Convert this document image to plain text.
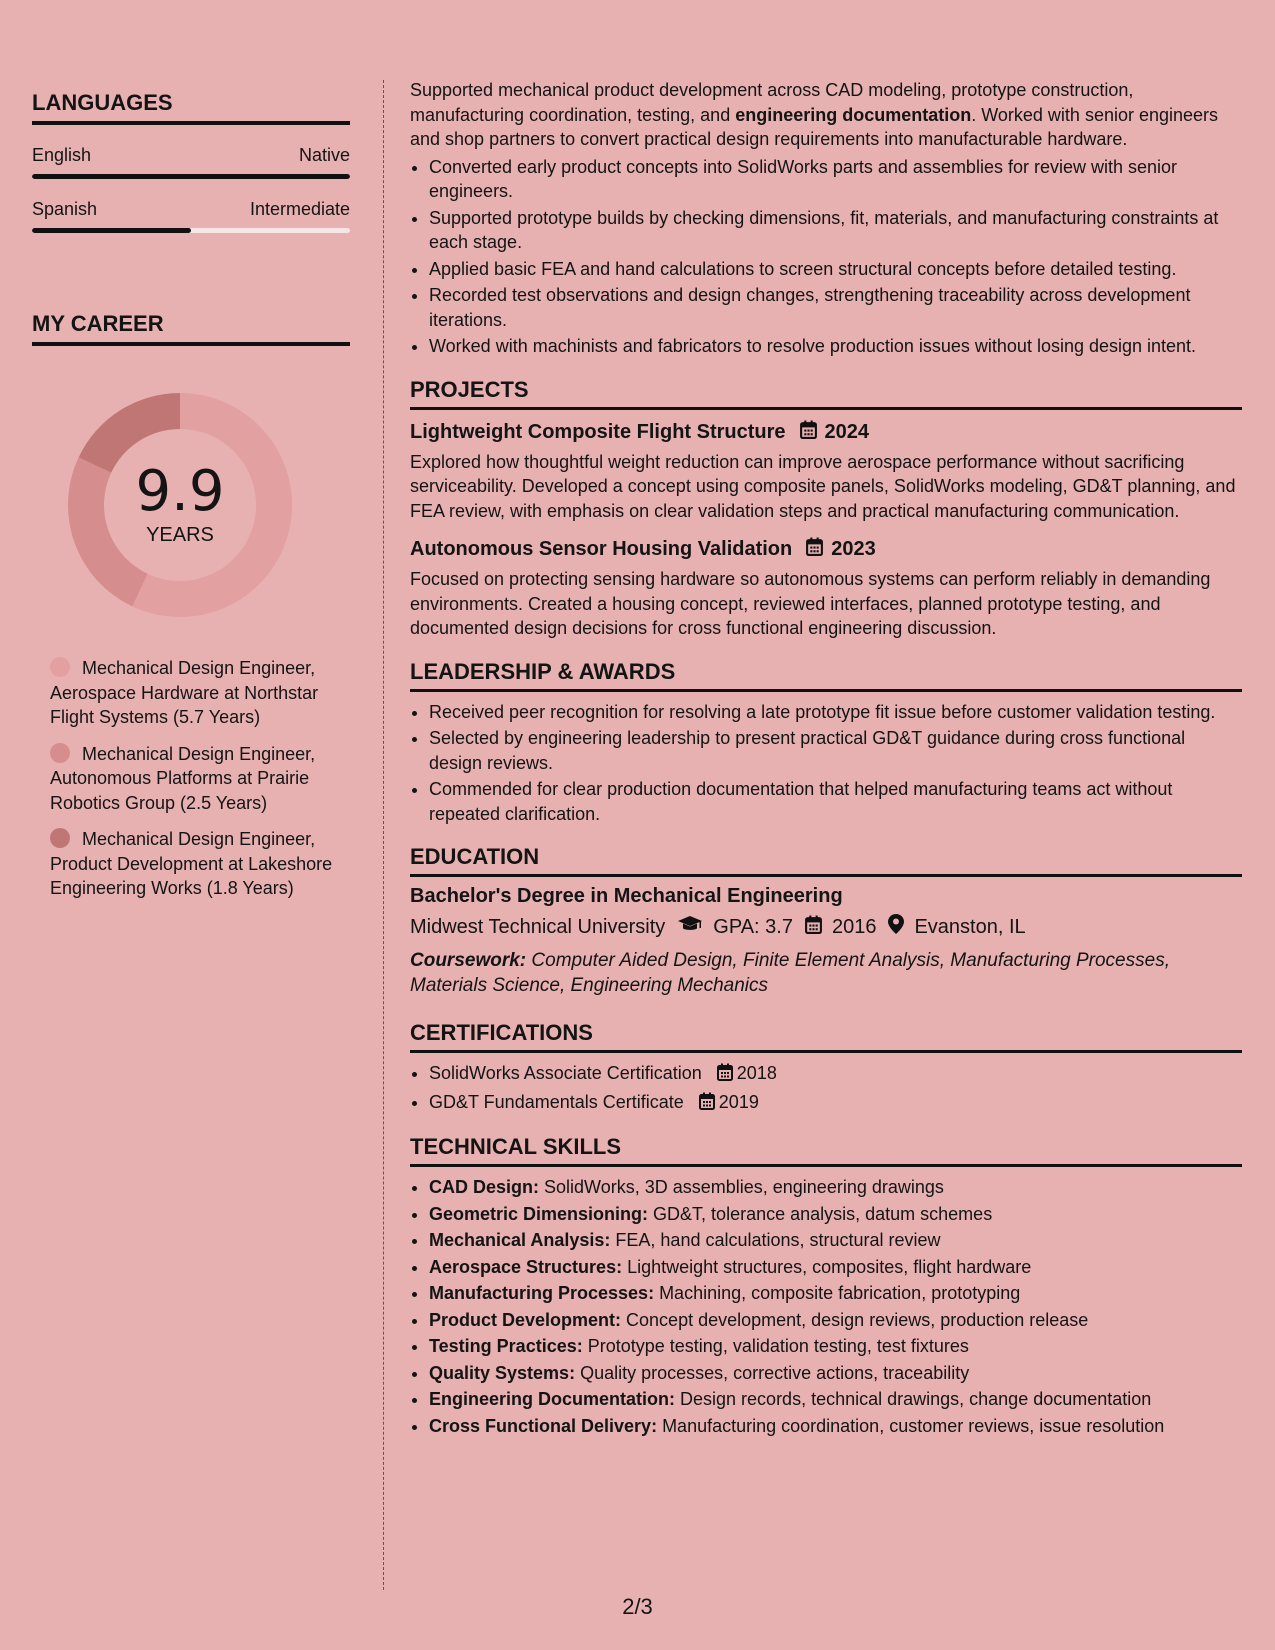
LANGUAGES
English	Native
Spanish	Intermediate
MY CAREER
9.9
YEARS
Mechanical Design Engineer, Aerospace Hardware at Northstar Flight Systems (5.7 Years)
Mechanical Design Engineer, Autonomous Platforms at Prairie Robotics Group (2.5 Years)
Mechanical Design Engineer, Product Development at Lakeshore Engineering Works (1.8 Years)

Supported mechanical product development across CAD modeling, prototype construction, manufacturing coordination, testing, and engineering documentation. Worked with senior engineers and shop partners to convert practical design requirements into manufacturable hardware.

• Converted early product concepts into SolidWorks parts and assemblies for review with senior engineers.
• Supported prototype builds by checking dimensions, fit, materials, and manufacturing constraints at each stage.
• Applied basic FEA and hand calculations to screen structural concepts before detailed testing.
• Recorded test observations and design changes, strengthening traceability across development iterations.
• Worked with machinists and fabricators to resolve production issues without losing design intent.
PROJECTS
Lightweight Composite Flight Structure 2024

Explored how thoughtful weight reduction can improve aerospace performance without sacrificing serviceability. Developed a concept using composite panels, SolidWorks modeling, GD&T planning, and FEA review, with emphasis on clear validation steps and practical manufacturing communication.

Autonomous Sensor Housing Validation 2023

Focused on protecting sensing hardware so autonomous systems can perform reliably in demanding environments. Created a housing concept, reviewed interfaces, planned prototype testing, and documented design decisions for cross functional engineering discussion.

LEADERSHIP & AWARDS
• Received peer recognition for resolving a late prototype fit issue before customer validation testing.
• Selected by engineering leadership to present practical GD&T guidance during cross functional design reviews.
• Commended for clear production documentation that helped manufacturing teams act without repeated clarification.
EDUCATION
Bachelor's Degree in Mechanical Engineering
Midwest Technical University GPA: 3.7 2016 Evanston, IL
Coursework: Computer Aided Design, Finite Element Analysis, Manufacturing Processes, Materials Science, Engineering Mechanics
CERTIFICATIONS
• SolidWorks Associate Certification 2018
• GD&T Fundamentals Certificate 2019
TECHNICAL SKILLS
• CAD Design: SolidWorks, 3D assemblies, engineering drawings
• Geometric Dimensioning: GD&T, tolerance analysis, datum schemes
• Mechanical Analysis: FEA, hand calculations, structural review
• Aerospace Structures: Lightweight structures, composites, flight hardware
• Manufacturing Processes: Machining, composite fabrication, prototyping
• Product Development: Concept development, design reviews, production release
• Testing Practices: Prototype testing, validation testing, test fixtures
• Quality Systems: Quality processes, corrective actions, traceability
• Engineering Documentation: Design records, technical drawings, change documentation
• Cross Functional Delivery: Manufacturing coordination, customer reviews, issue resolution
2/3
